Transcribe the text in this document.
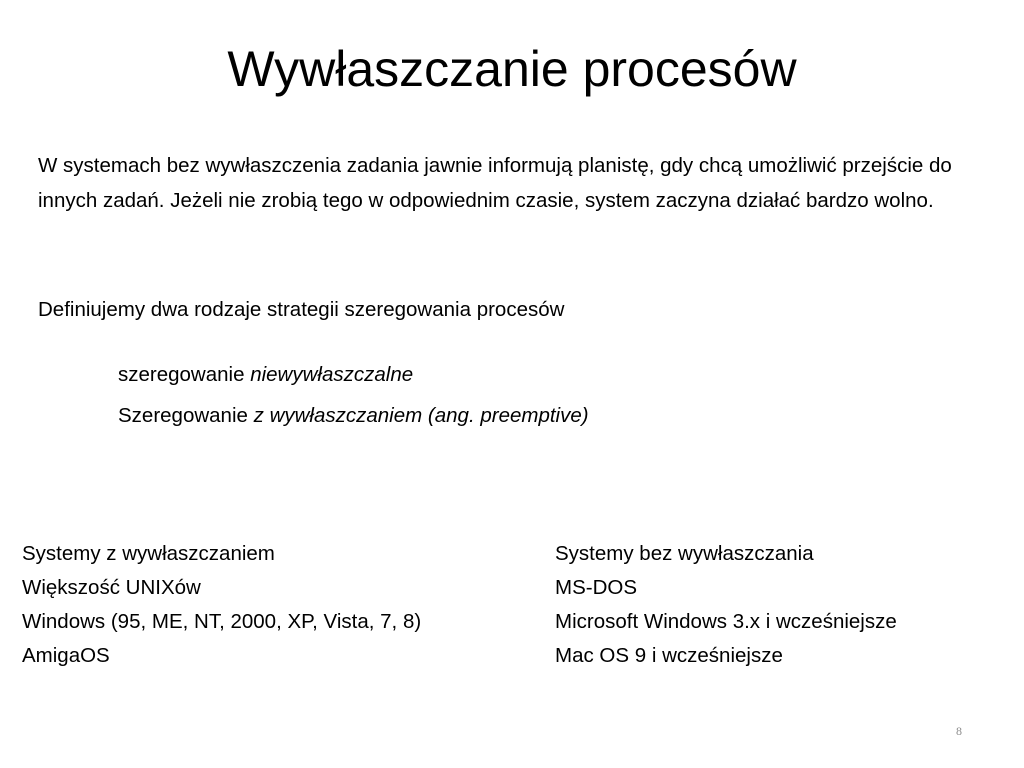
Wywłaszczanie procesów

W systemach bez wywłaszczenia zadania jawnie informują planistę, gdy chcą umożliwić przejście do innych zadań. Jeżeli nie zrobią tego w odpowiednim czasie, system zaczyna działać bardzo wolno.

Definiujemy dwa rodzaje strategii szeregowania procesów

szeregowanie niewywłaszczalne

Szeregowanie z wywłaszczaniem (ang. preemptive)

Systemy z wywłaszczaniem
Większość UNIXów
Windows (95, ME, NT, 2000, XP, Vista, 7, 8)
AmigaOS
Systemy bez wywłaszczania
MS-DOS
Microsoft Windows 3.x i wcześniejsze
Mac OS 9 i wcześniejsze
8
